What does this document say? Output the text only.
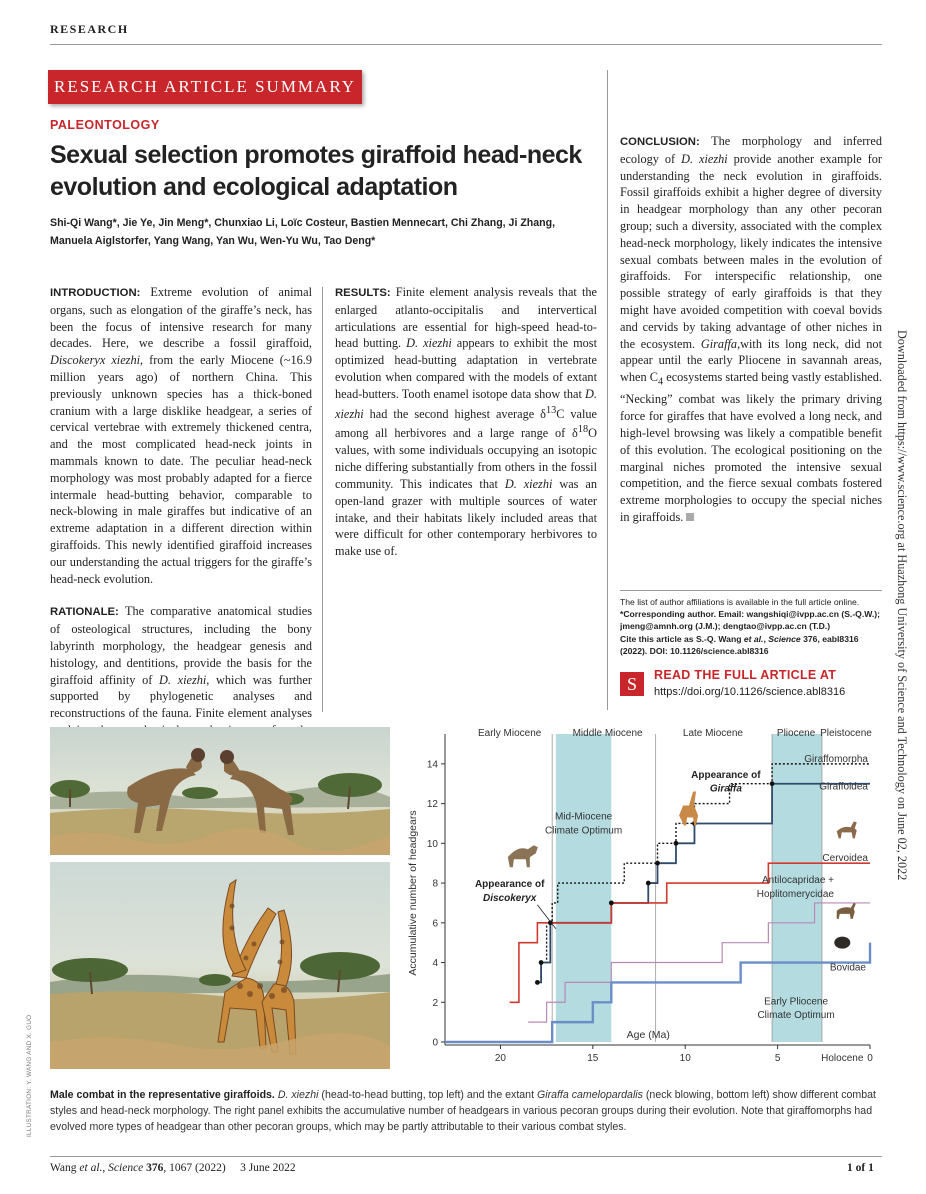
RESEARCH
RESEARCH ARTICLE SUMMARY
PALEONTOLOGY
Sexual selection promotes giraffoid head-neck evolution and ecological adaptation
Shi-Qi Wang*, Jie Ye, Jin Meng*, Chunxiao Li, Loïc Costeur, Bastien Mennecart, Chi Zhang, Ji Zhang,
Manuela Aiglstorfer, Yang Wang, Yan Wu, Wen-Yu Wu, Tao Deng*

INTRODUCTION: Extreme evolution of animal organs, such as elongation of the giraffe’s neck, has been the focus of intensive research for many decades. Here, we describe a fossil giraffoid, Discokeryx xiezhi, from the early Miocene (~16.9 million years ago) of northern China. This previously unknown species has a thick-boned cranium with a large disklike headgear, a series of cervical vertebrae with extremely thickened centra, and the most complicated head-neck joints in mammals known to date. The peculiar head-neck morphology was most probably adapted for a fierce intermale head-butting behavior, comparable to neck-blowing in male giraffes but indicative of an extreme adaptation in a different direction within giraffoids. This newly identified giraffoid increases our understanding the actual triggers for the giraffe’s head-neck evolution.

RATIONALE: The comparative anatomical studies of osteological structures, including the bony labyrinth morphology, the headgear genesis and histology, and dentitions, provide the basis for the giraffoid affinity of D. xiezhi, which was further supported by phylogenetic analyses and reconstructions of the fauna. Finite element analyses

RESULTS: Finite element analysis reveals that the enlarged atlanto-occipitalis and intervertical articulations are essential for high-speed head-to-head butting. D. xiezhi appears to exhibit the most optimized head-butting adaptation in vertebrate evolution when compared with the models of extant head-butters. Tooth enamel isotope data show that D. xiezhi had the second highest average $\delta^{13}C$ value among all herbivores and a large range of $\delta^{18}O$ values, with some individuals occupying an isotopic niche differing substantially from others in the fossil community. This indicates that D. xiezhi was an open-land grazer with multiple sources of water intake, and their habitats likely included areas that were difficult for other contemporary herbivores to make use of.

CONCLUSION: The morphology and inferred ecology of D. xiezhi provide another example for understanding the neck evolution in giraffoids. Fossil giraffoids exhibit a higher degree of diversity in headgear morphology than any other pecoran group; such a diversity, associated with the complex head-neck morphology, likely indicates the intensive sexual combats between males in the evolution of giraffoids. For interspecific relationship, one possible strategy of early giraffoids is that they might have avoided competition with coeval bovids and cervids by taking advantage of other niches in the ecosystem. Giraffa,with its long neck, did not appear until the early Pliocene in savannah areas, when $C_4$ ecosystems started being vastly established. “Necking” combat was likely the primary driving force for giraffes that have evolved a long neck, and high-level browsing was likely a compatible benefit of this evolution. The ecological positioning on the marginal niches promoted the intensive sexual competition, and the fierce sexual combats fostered extreme morphologies to occupy the special niches in giraffoids.

The list of author affiliations is available in the full article online.
*Corresponding author. Email: wangshiqi@ivpp.ac.cn (S.-Q.W.); jmeng@amnh.org (J.M.); dengtao@ivpp.ac.cn (T.D.)
Cite this article as S.-Q. Wang et al., Science 376, eabl8316 (2022). DOI: 10.1126/science.abl8316
S	READ THE FULL ARTICLE AT
https://doi.org/10.1126/science.abl8316	Downloaded from https://www.science.org at Huazhong University of Science and Technology on June 02, 2022
ILLUSTRATION: Y. WANG AND X. GUO
Early Miocene	Middle Miocene	Late Miocene	Pliocene Pleistocene
0
2
4
6
8
10
12
14
20	15	10	5	0
Accumulative number of headgears
Age (Ma)
Holocene
Mid-Miocene
Climate Optimum
Early Pliocene
Climate Optimum
Giraffomorpha
Giraffoidea
Cervoidea
Antilocapridae +
Hoplitomerycidae
Bovidae
Appearance of
Discokeryx
Appearance of
Giraffa
Male combat in the representative giraffoids. D. xiezhi (head-to-head butting, top left) and the extant Giraffa camelopardalis (neck blowing, bottom left) show different combat styles and head-neck morphology. The right panel exhibits the accumulative number of headgears in various pecoran groups during their evolution. Note that giraffomorphs had evolved more types of headgear than other pecoran groups, which may be partly attributable to their various combat styles.
Wang et al., Science 376, 1067 (2022)     3 June 2022	1 of 1
